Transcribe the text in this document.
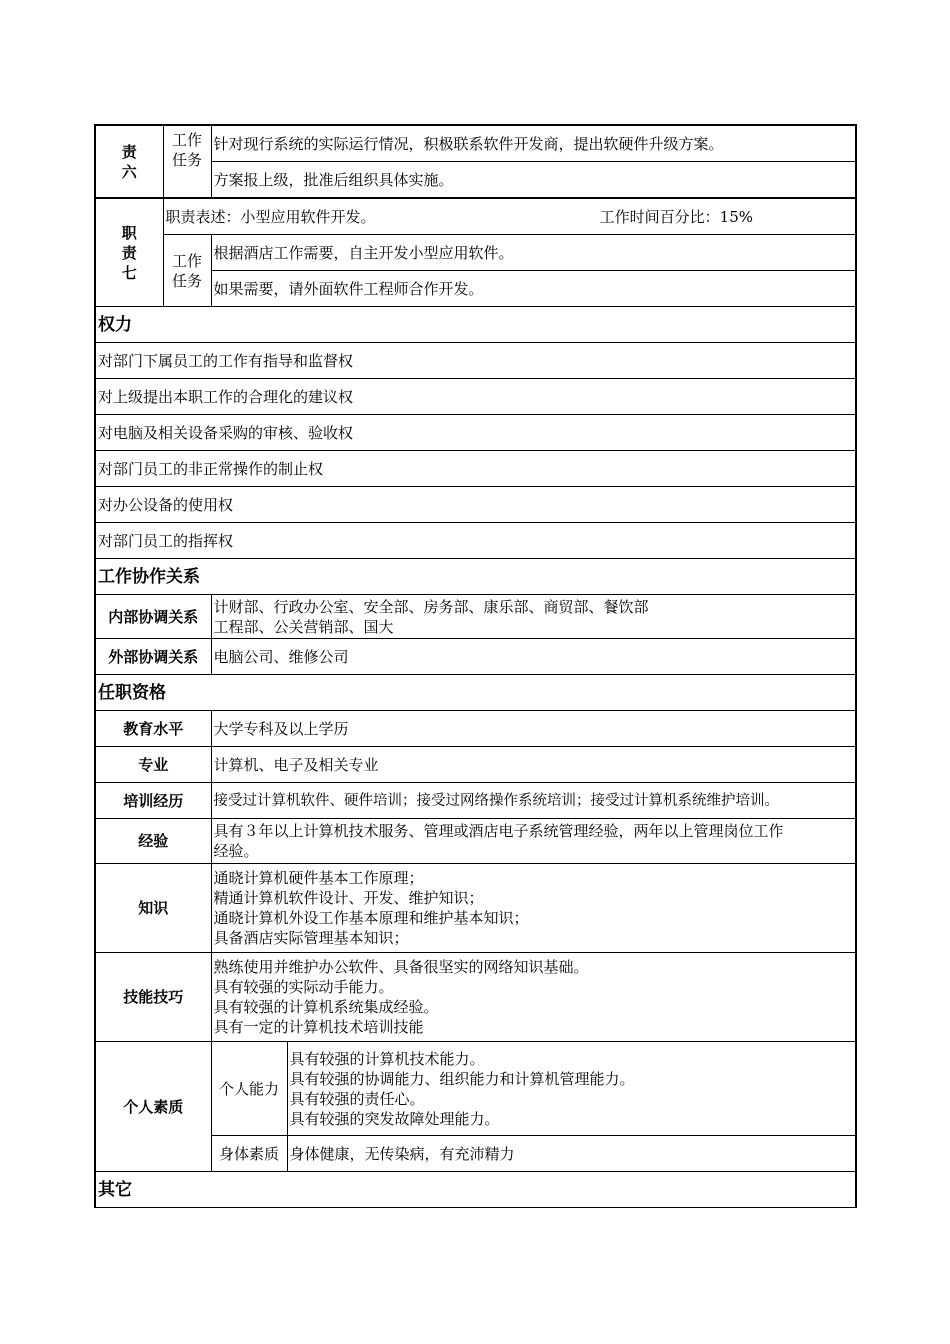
责
六	工作
任务	针对现行系统的实际运行情况，积极联系软件开发商，提出软硬件升级方案。	
		方案报上级，批准后组织具体实施。	

职
责
七	职责表述：小型应用软件开发。 工作时间百分比：15%		

	工作
任务	根据酒店工作需要，自主开发小型应用软件。	
		如果需要，请外面软件工程师合作开发。	
权力			
对部门下属员工的工作有指导和监督权			
对上级提出本职工作的合理化的建议权			
对电脑及相关设备采购的审核、验收权			
对部门员工的非正常操作的制止权			
对办公设备的使用权			
对部门员工的指挥权			
工作协作关系			
内部协调关系		计财部、行政办公室、安全部、房务部、康乐部、商贸部、餐饮部
工程部、公关营销部、国大	

外部协调关系		电脑公司、维修公司	
任职资格			
教育水平		大学专科及以上学历	
专业		计算机、电子及相关专业	
培训经历		接受过计算机软件、硬件培训；接受过网络操作系统培训；接受过计算机系统维护培训。	
经验		具有３年以上计算机技术服务、管理或酒店电子系统管理经验，两年以上管理岗位工作
经验。	

知识		通晓计算机硬件基本工作原理；
精通计算机软件设计、开发、维护知识；
通晓计算机外设工作基本原理和维护基本知识；
具备酒店实际管理基本知识；	

技能技巧		熟练使用并维护办公软件、具备很坚实的网络知识基础。
具有较强的实际动手能力。
具有较强的计算机系统集成经验。
具有一定的计算机技术培训技能	

个人素质		个人能力	具有较强的计算机技术能力。
具有较强的协调能力、组织能力和计算机管理能力。
具有较强的责任心。
具有较强的突发故障处理能力。

		身体素质	身体健康，无传染病，有充沛精力
其它			
